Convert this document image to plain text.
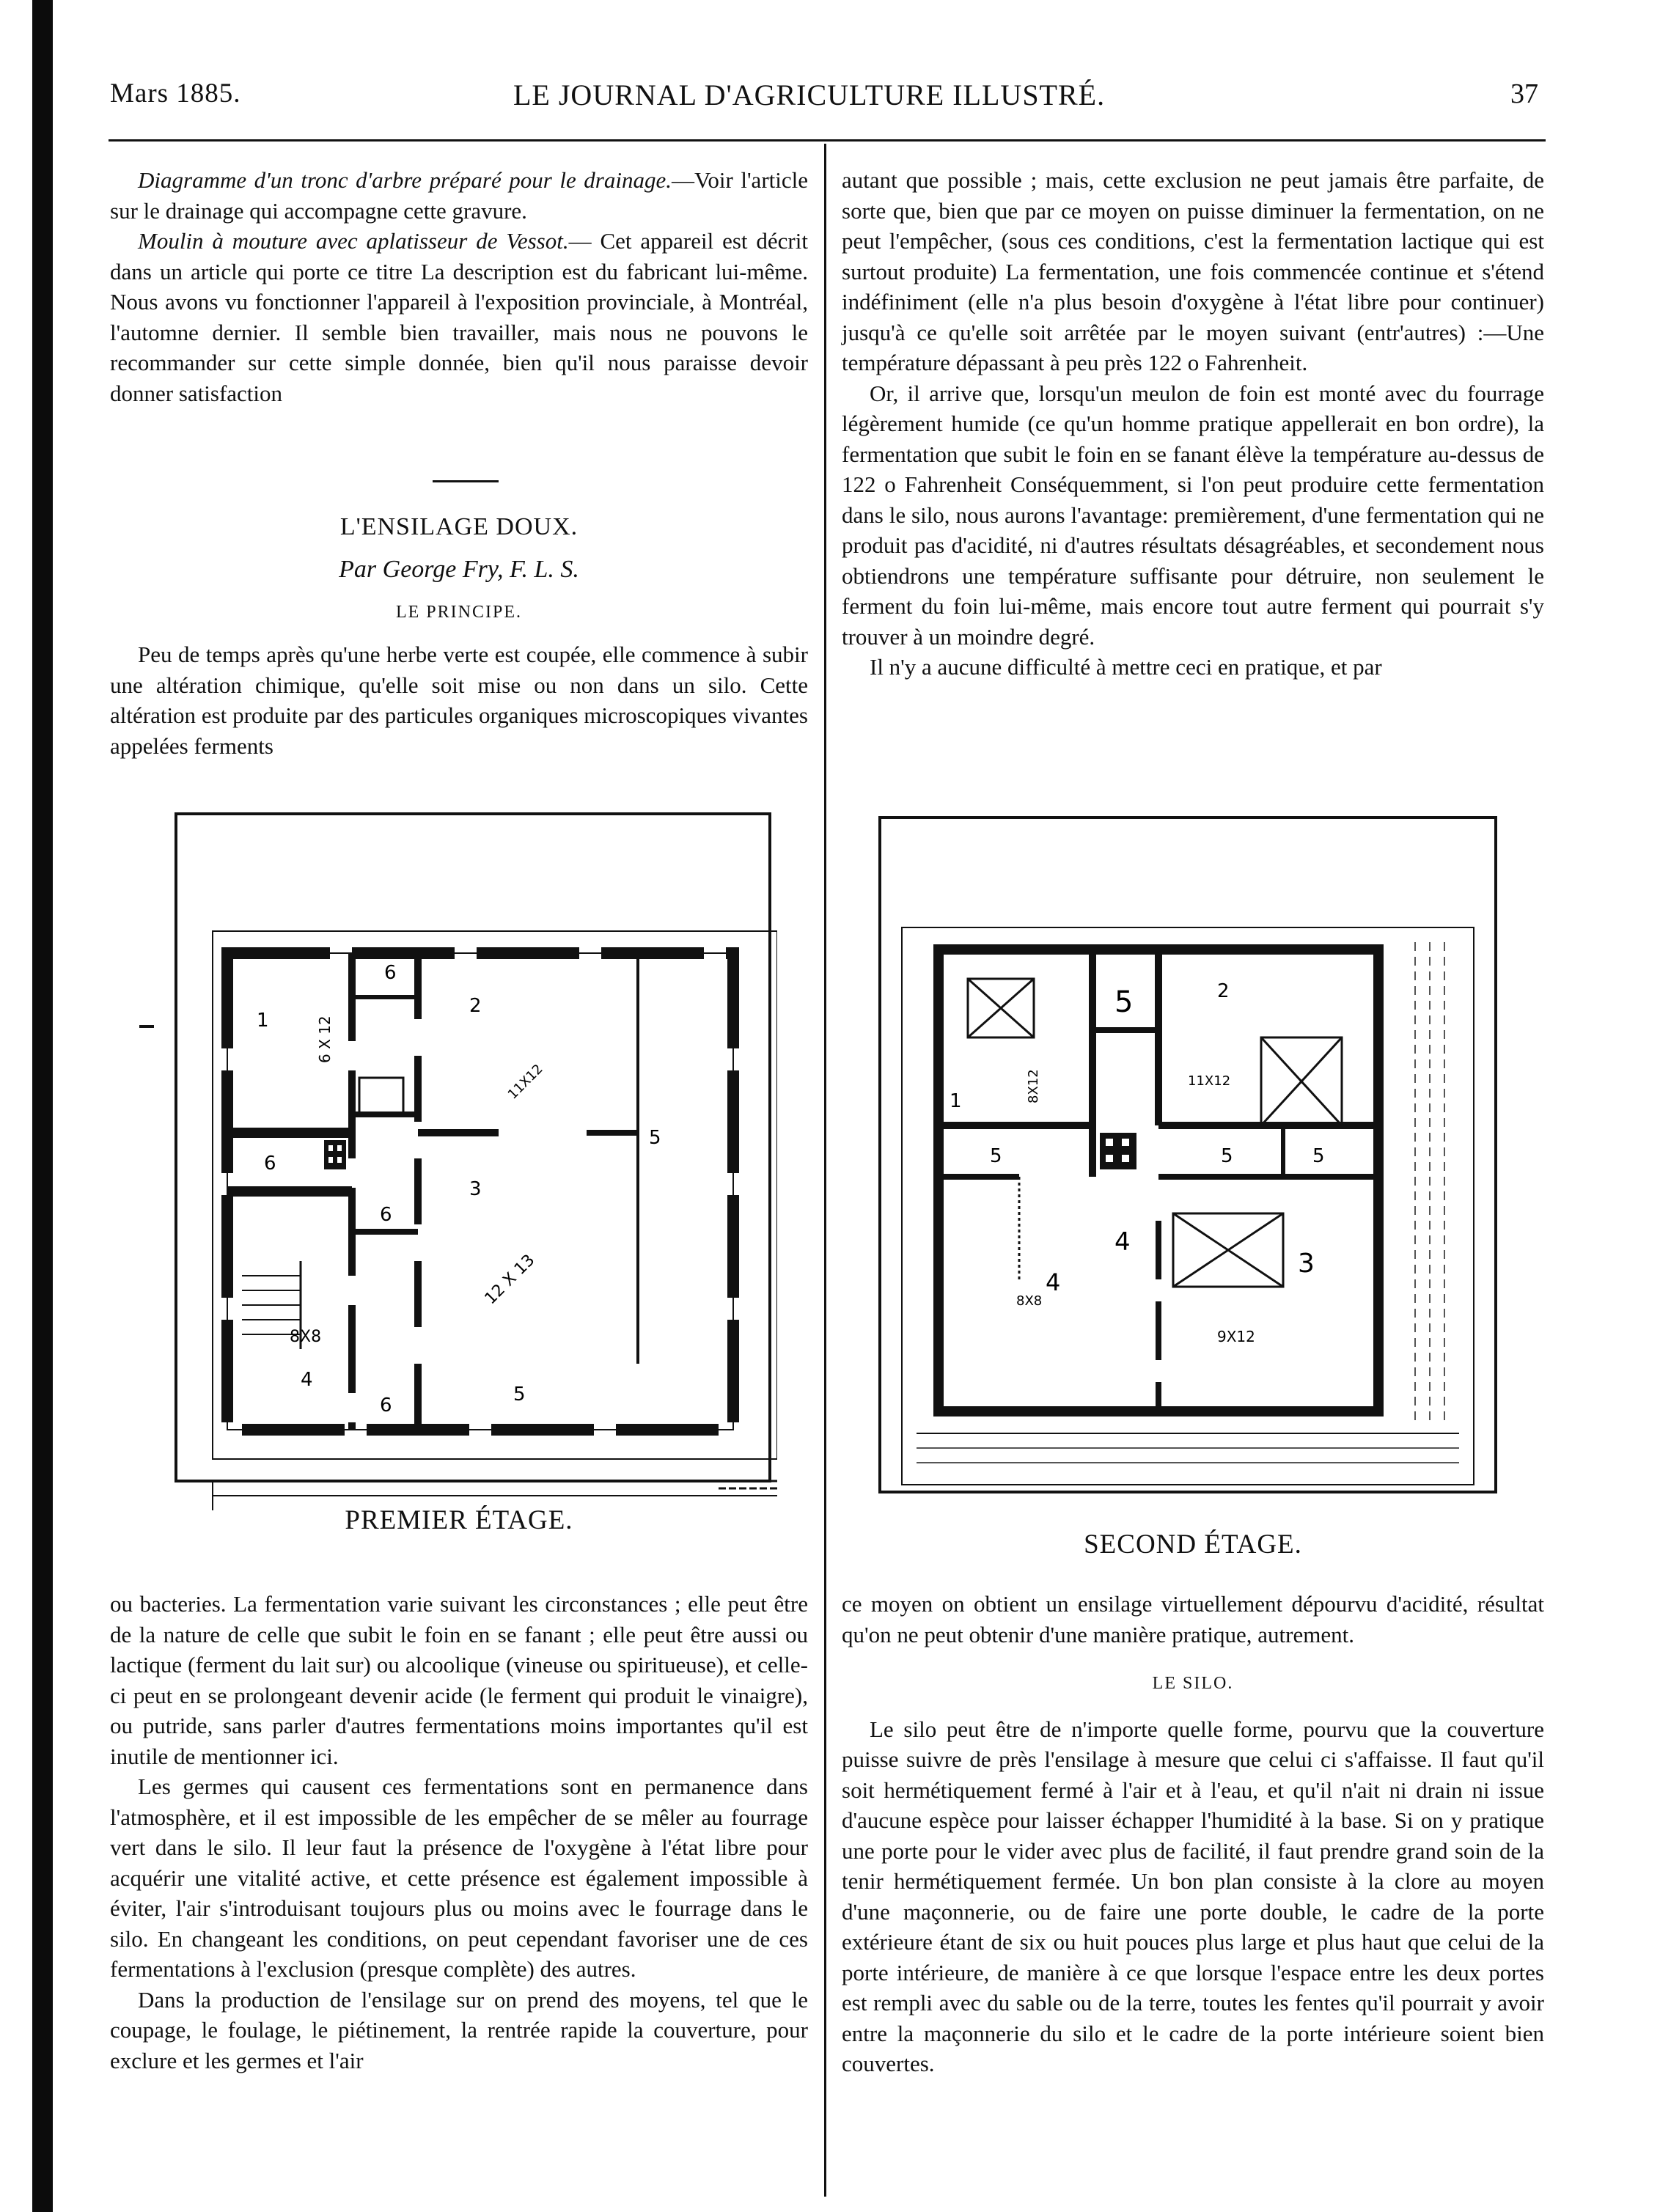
Mars 1885.	LE JOURNAL D'AGRICULTURE ILLUSTRÉ.	37

Diagramme d'un tronc d'arbre préparé pour le drainage.—Voir l'article sur le drainage qui accompagne cette gravure.

Moulin à mouture avec aplatisseur de Vessot.— Cet appareil est décrit dans un article qui porte ce titre La description est du fabricant lui-même. Nous avons vu fonctionner l'appareil à l'exposition provinciale, à Montréal, l'automne dernier. Il semble bien travailler, mais nous ne pouvons le recommander sur cette simple donnée, bien qu'il nous paraisse devoir donner satisfaction

L'ENSILAGE DOUX.
Par George Fry, F. L. S.
LE PRINCIPE.

Peu de temps après qu'une herbe verte est coupée, elle commence à subir une altération chimique, qu'elle soit mise ou non dans un silo. Cette altération est produite par des particules organiques microscopiques vivantes appelées ferments

autant que possible ; mais, cette exclusion ne peut jamais être parfaite, de sorte que, bien que par ce moyen on puisse diminuer la fermentation, on ne peut l'empêcher, (sous ces conditions, c'est la fermentation lactique qui est surtout produite) La fermentation, une fois commencée continue et s'étend indéfiniment (elle n'a plus besoin d'oxygène à l'état libre pour continuer) jusqu'à ce qu'elle soit arrêtée par le moyen suivant (entr'autres) :—Une température dépassant à peu près 122 o Fahrenheit.

Or, il arrive que, lorsqu'un meulon de foin est monté avec du fourrage légèrement humide (ce qu'un homme pratique appellerait en bon ordre), la fermentation que subit le foin en se fanant élève la température au-dessus de 122 o Fahrenheit Conséquemment, si l'on peut produire cette fermentation dans le silo, nous aurons l'avantage: premièrement, d'une fermentation qui ne produit pas d'acidité, ni d'autres résultats désagréables, et secondement nous obtiendrons une température suffisante pour détruire, non seulement le ferment du foin lui-même, mais encore tout autre ferment qui pourrait s'y trouver à un moindre degré.

Il n'y a aucune difficulté à mettre ceci en pratique, et par

1
2
3
4
5
5
6
6
6
6
6 X 12
11X12
12 X 13
8X8
PREMIER ÉTAGE.
1
2
3
4
4
5
5	5	5
8X12	11X12
9X12
8X8
SECOND ÉTAGE.

ou bacteries. La fermentation varie suivant les circonstances ; elle peut être de la nature de celle que subit le foin en se fanant ; elle peut être aussi ou lactique (ferment du lait sur) ou alcoolique (vineuse ou spiritueuse), et celle-ci peut en se prolongeant devenir acide (le ferment qui produit le vinaigre), ou putride, sans parler d'autres fermentations moins importantes qu'il est inutile de mentionner ici.

Les germes qui causent ces fermentations sont en permanence dans l'atmosphère, et il est impossible de les empêcher de se mêler au fourrage vert dans le silo. Il leur faut la présence de l'oxygène à l'état libre pour acquérir une vitalité active, et cette présence est également impossible à éviter, l'air s'introduisant toujours plus ou moins avec le fourrage dans le silo. En changeant les conditions, on peut cependant favoriser une de ces fermentations à l'exclusion (presque complète) des autres.

Dans la production de l'ensilage sur on prend des moyens, tel que le coupage, le foulage, le piétinement, la rentrée rapide la couverture, pour exclure et les germes et l'air

ce moyen on obtient un ensilage virtuellement dépourvu d'acidité, résultat qu'on ne peut obtenir d'une manière pratique, autrement.

LE SILO.

Le silo peut être de n'importe quelle forme, pourvu que la couverture puisse suivre de près l'ensilage à mesure que celui ci s'affaisse. Il faut qu'il soit hermétiquement fermé à l'air et à l'eau, et qu'il n'ait ni drain ni issue d'aucune espèce pour laisser échapper l'humidité à la base. Si on y pratique une porte pour le vider avec plus de facilité, il faut prendre grand soin de la tenir hermétiquement fermée. Un bon plan consiste à la clore au moyen d'une maçonnerie, ou de faire une porte double, le cadre de la porte extérieure étant de six ou huit pouces plus large et plus haut que celui de la porte intérieure, de manière à ce que lorsque l'espace entre les deux portes est rempli avec du sable ou de la terre, toutes les fentes qu'il pourrait y avoir entre la maçonnerie du silo et le cadre de la porte intérieure soient bien couvertes.
